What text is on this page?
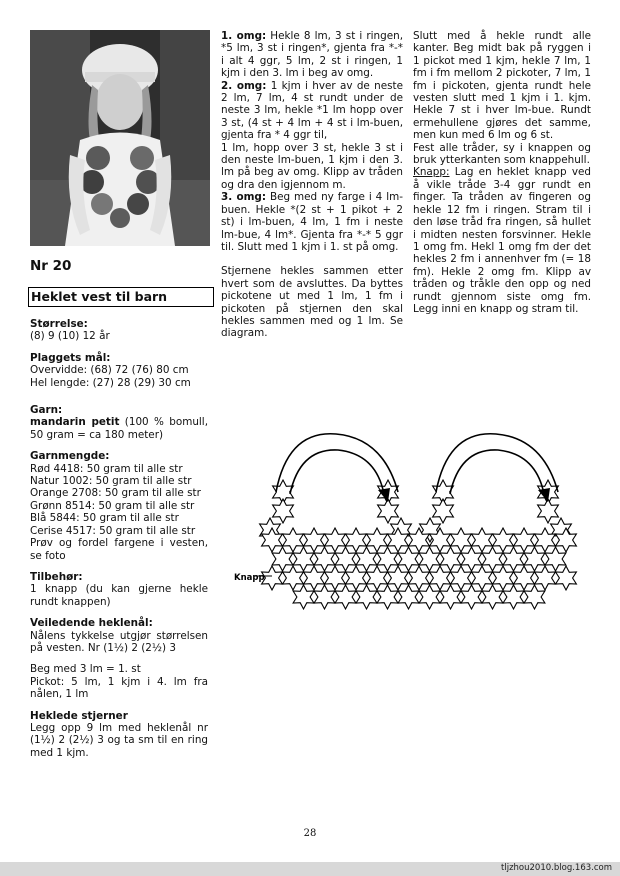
Nr 20
Heklet vest til barn

Størrelse:

(8) 9 (10) 12 år

Plaggets mål:

Overvidde: (68) 72 (76) 80 cm

Hel lengde: (27) 28 (29) 30 cm

Garn:

mandarin petit (100 % bomull, 50 gram = ca 180 meter)

Garnmengde:

Rød 4418: 50 gram til alle str

Natur 1002: 50 gram til alle str

Orange 2708: 50 gram til alle str

Grønn 8514: 50 gram til alle str

Blå 5844: 50 gram til alle str

Cerise 4517: 50 gram til alle str

Prøv og fordel fargene i vesten, se foto

Tilbehør:

1 knapp (du kan gjerne hekle rundt knappen)

Veiledende heklenål:

Nålens tykkelse utgjør størrelsen på vesten. Nr (1½) 2 (2½) 3

Beg med 3 lm = 1. st

Pickot: 5 lm, 1 kjm i 4. lm fra nålen, 1 lm

Heklede stjerner

Legg opp 9 lm med heklenål nr (1½) 2 (2½) 3 og ta sm til en ring med 1 kjm.

1. omg: Hekle 8 lm, 3 st i ringen, *5 lm, 3 st i ringen*, gjenta fra *-* i alt 4 ggr, 5 lm, 2 st i ringen, 1 kjm i den 3. lm i beg av omg.

2. omg: 1 kjm i hver av de neste 2 lm, 7 lm, 4 st rundt under de neste 3 lm, hekle *1 lm hopp over 3 st, (4 st + 4 lm + 4 st i lm-buen, gjenta fra * 4 ggr til,

1 lm, hopp over 3 st, hekle 3 st i den neste lm-buen, 1 kjm i den 3. lm på beg av omg. Klipp av tråden og dra den igjennom m.

3. omg: Beg med ny farge i 4 lm-buen. Hekle *(2 st + 1 pikot + 2 st) i lm-buen, 4 lm, 1 fm i neste lm-bue, 4 lm*. Gjenta fra *-* 5 ggr til. Slutt med 1 kjm i 1. st på omg.

Stjernene hekles sammen etter hvert som de avsluttes. Da byttes pickotene ut med 1 lm, 1 fm i pickoten på stjernen den skal hekles sammen med og 1 lm. Se diagram.

Slutt med å hekle rundt alle kanter. Beg midt bak på ryggen i 1 pickot med 1 kjm, hekle 7 lm, 1 fm i fm mellom 2 pickoter, 7 lm, 1 fm i pickoten, gjenta rundt hele vesten slutt med 1 kjm i 1. kjm. Hekle 7 st i hver lm-bue. Rundt ermehullene gjøres det samme, men kun med 6 lm og 6 st.

Fest alle tråder, sy i knappen og bruk ytterkanten som knappehull.

Knapp: Lag en heklet knapp ved å vikle tråde 3-4 ggr rundt en finger. Ta tråden av fingeren og hekle 12 fm i ringen. Stram til i den løse tråd fra ringen, så hullet i midten nesten forsvinner. Hekle 1 omg fm. Hekl 1 omg fm der det hekles 2 fm i annenhver fm (= 18 fm). Hekle 2 omg fm. Klipp av tråden og tråkle den opp og ned rundt gjennom siste omg fm. Legg inni en knapp og stram til.

Knapp
28
tljzhou2010.blog.163.com
